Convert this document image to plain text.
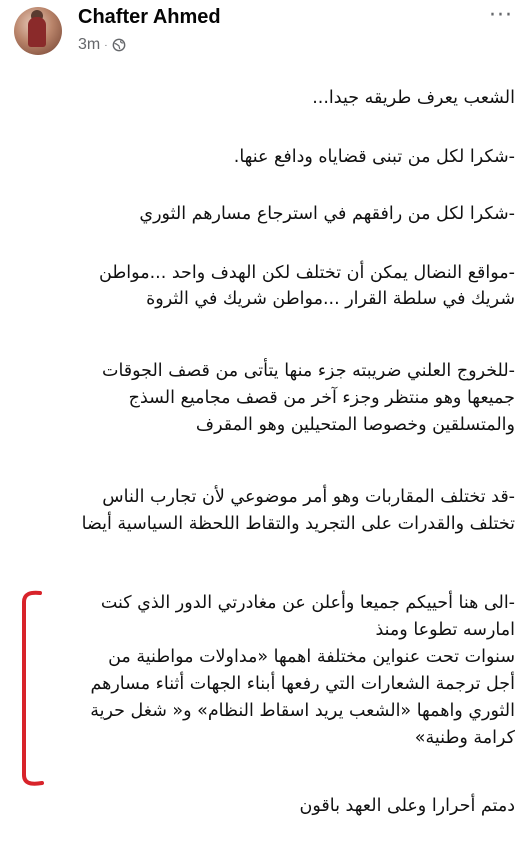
Chafter Ahmed
3m ·
···
الشعب يعرف طريقه جيدا...
-شكرا لكل من تبنى قضاياه ودافع عنها.
-شكرا لكل من رافقهم في استرجاع مسارهم الثوري
-مواقع النضال يمكن أن تختلف لكن الهدف واحد ...مواطن
شريك في سلطة القرار ...مواطن شريك في الثروة
-للخروج العلني ضريبته جزء منها يتأتى من قصف الجوقات
جميعها وهو منتظر وجزء آخر من قصف مجاميع السذج
والمتسلقين وخصوصا المتحيلين وهو المقرف
-قد تختلف المقاربات وهو أمر موضوعي لأن تجارب الناس
تختلف والقدرات على التجريد والتقاط اللحظة السياسية أيضا
-الى هنا أحييكم جميعا وأعلن عن مغادرتي الدور الذي كنت
امارسه تطوعا ومنذ
سنوات تحت عنواين مختلفة اهمها «مداولات مواطنية من
أجل ترجمة الشعارات التي رفعها أبناء الجهات أثناء مسارهم
الثوري واهمها «الشعب يريد اسقاط النظام» و« شغل حرية
كرامة وطنية»
دمتم أحرارا وعلى العهد باقون
